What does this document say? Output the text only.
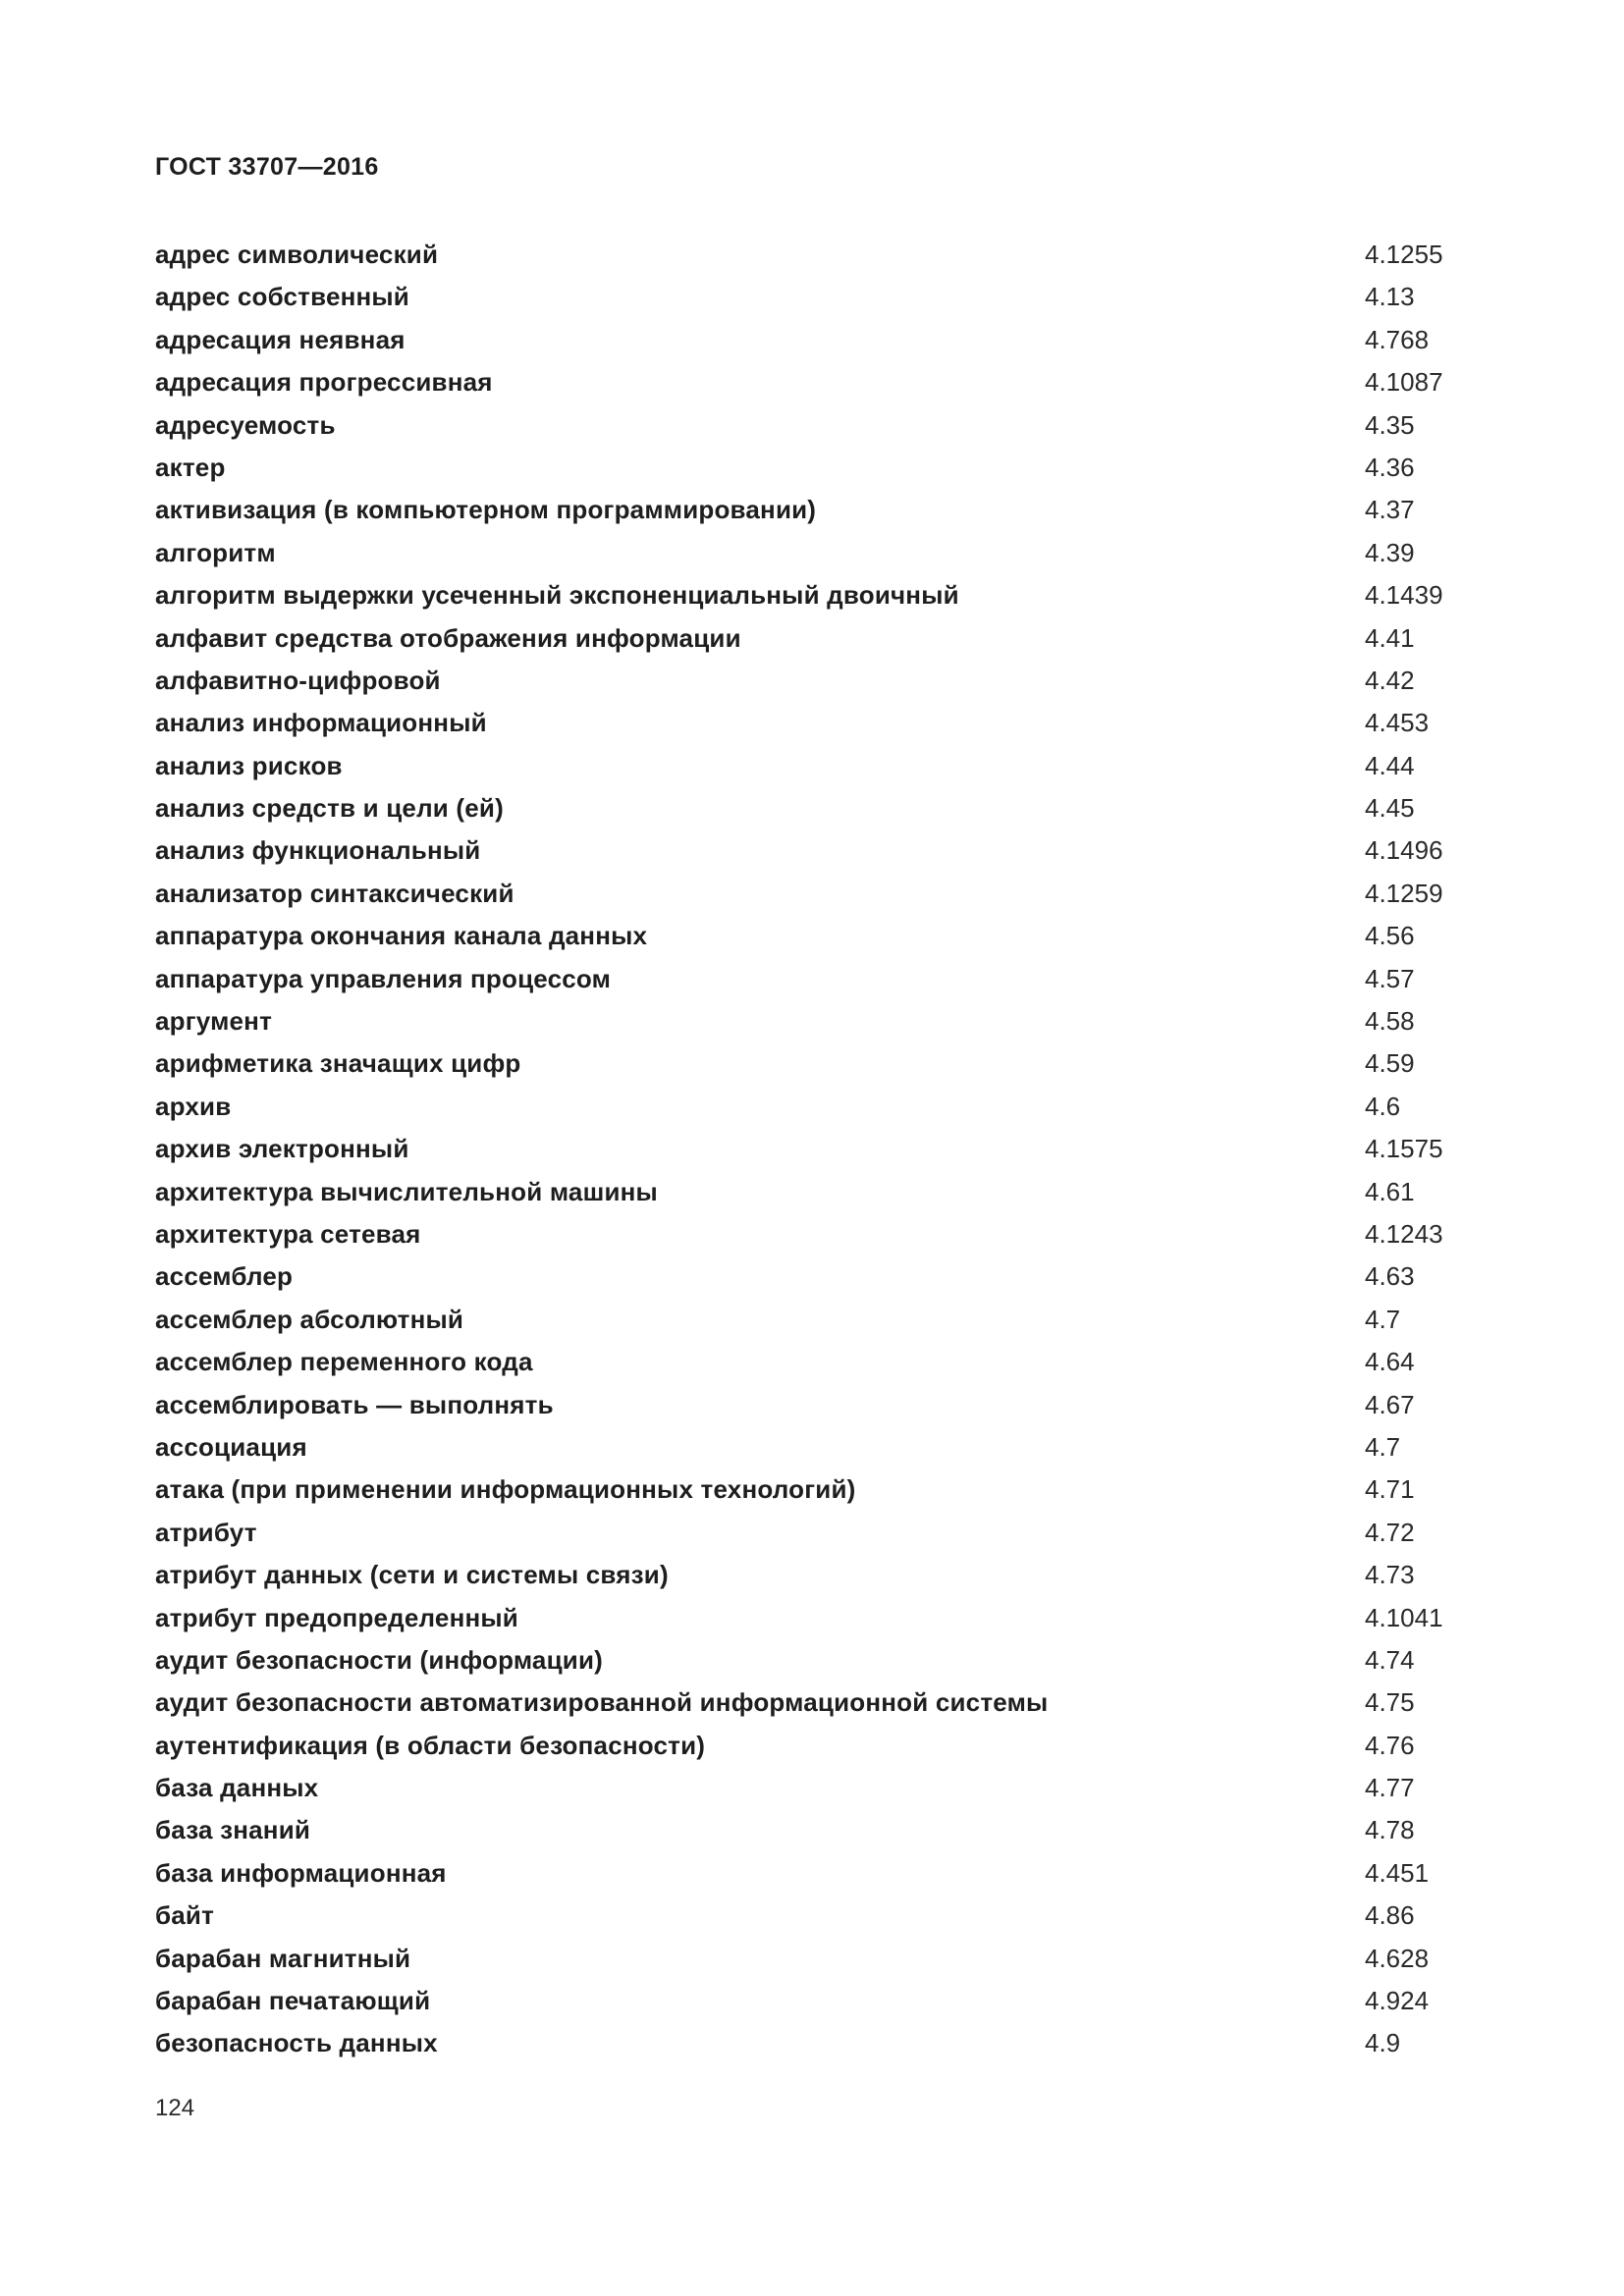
ГОСТ 33707—2016
адрес символический	4.1255
адрес собственный	4.13
адресация неявная	4.768
адресация прогрессивная	4.1087
адресуемость	4.35
актер	4.36
активизация (в компьютерном программировании)	4.37
алгоритм	4.39
алгоритм выдержки усеченный экспоненциальный двоичный	4.1439
алфавит средства отображения информации	4.41
алфавитно-цифровой	4.42
анализ информационный	4.453
анализ рисков	4.44
анализ средств и цели (ей)	4.45
анализ функциональный	4.1496
анализатор синтаксический	4.1259
аппаратура окончания канала данных	4.56
аппаратура управления процессом	4.57
аргумент	4.58
арифметика значащих цифр	4.59
архив	4.6
архив электронный	4.1575
архитектура вычислительной машины	4.61
архитектура сетевая	4.1243
ассемблер	4.63
ассемблер абсолютный	4.7
ассемблер переменного кода	4.64
ассемблировать — выполнять	4.67
ассоциация	4.7
атака (при применении информационных технологий)	4.71
атрибут	4.72
атрибут данных (сети и системы связи)	4.73
атрибут предопределенный	4.1041
аудит безопасности (информации)	4.74
аудит безопасности автоматизированной информационной системы	4.75
аутентификация (в области безопасности)	4.76
база данных	4.77
база знаний	4.78
база информационная	4.451
байт	4.86
барабан магнитный	4.628
барабан печатающий	4.924
безопасность данных	4.9
124
